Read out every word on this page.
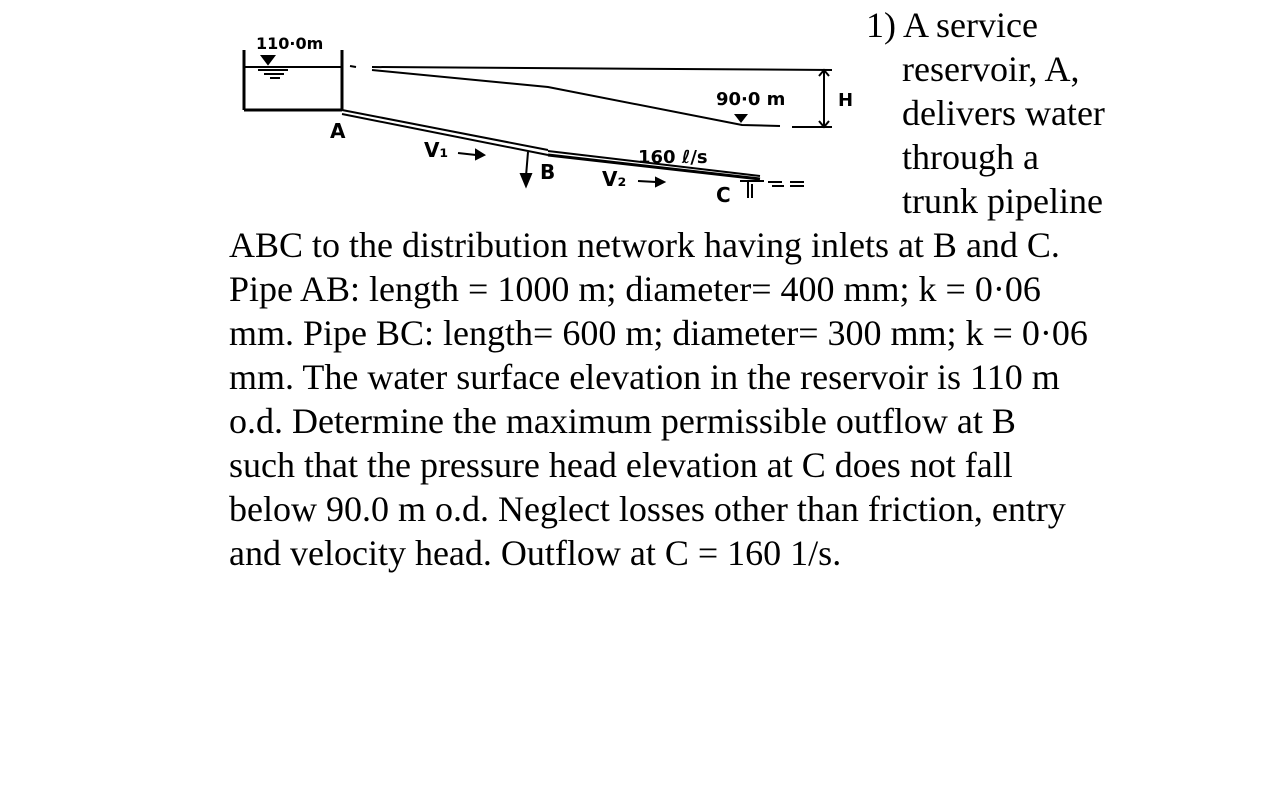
110·0m
H
90·0 m
A
V₁
B V₂
160 ℓ/s
C
1) A service
reservoir, A,
delivers water
through a
trunk pipeline
ABC to the distribution network having inlets at B and C.
Pipe AB: length = 1000 m; diameter= 400 mm; k = 0·06
mm. Pipe BC: length= 600 m; diameter= 300 mm; k = 0·06
mm. The water surface elevation in the reservoir is 110 m
o.d. Determine the maximum permissible outflow at B
such that the pressure head elevation at C does not fall
below 90.0 m o.d. Neglect losses other than friction, entry
and velocity head. Outflow at C = 160 1/s.
